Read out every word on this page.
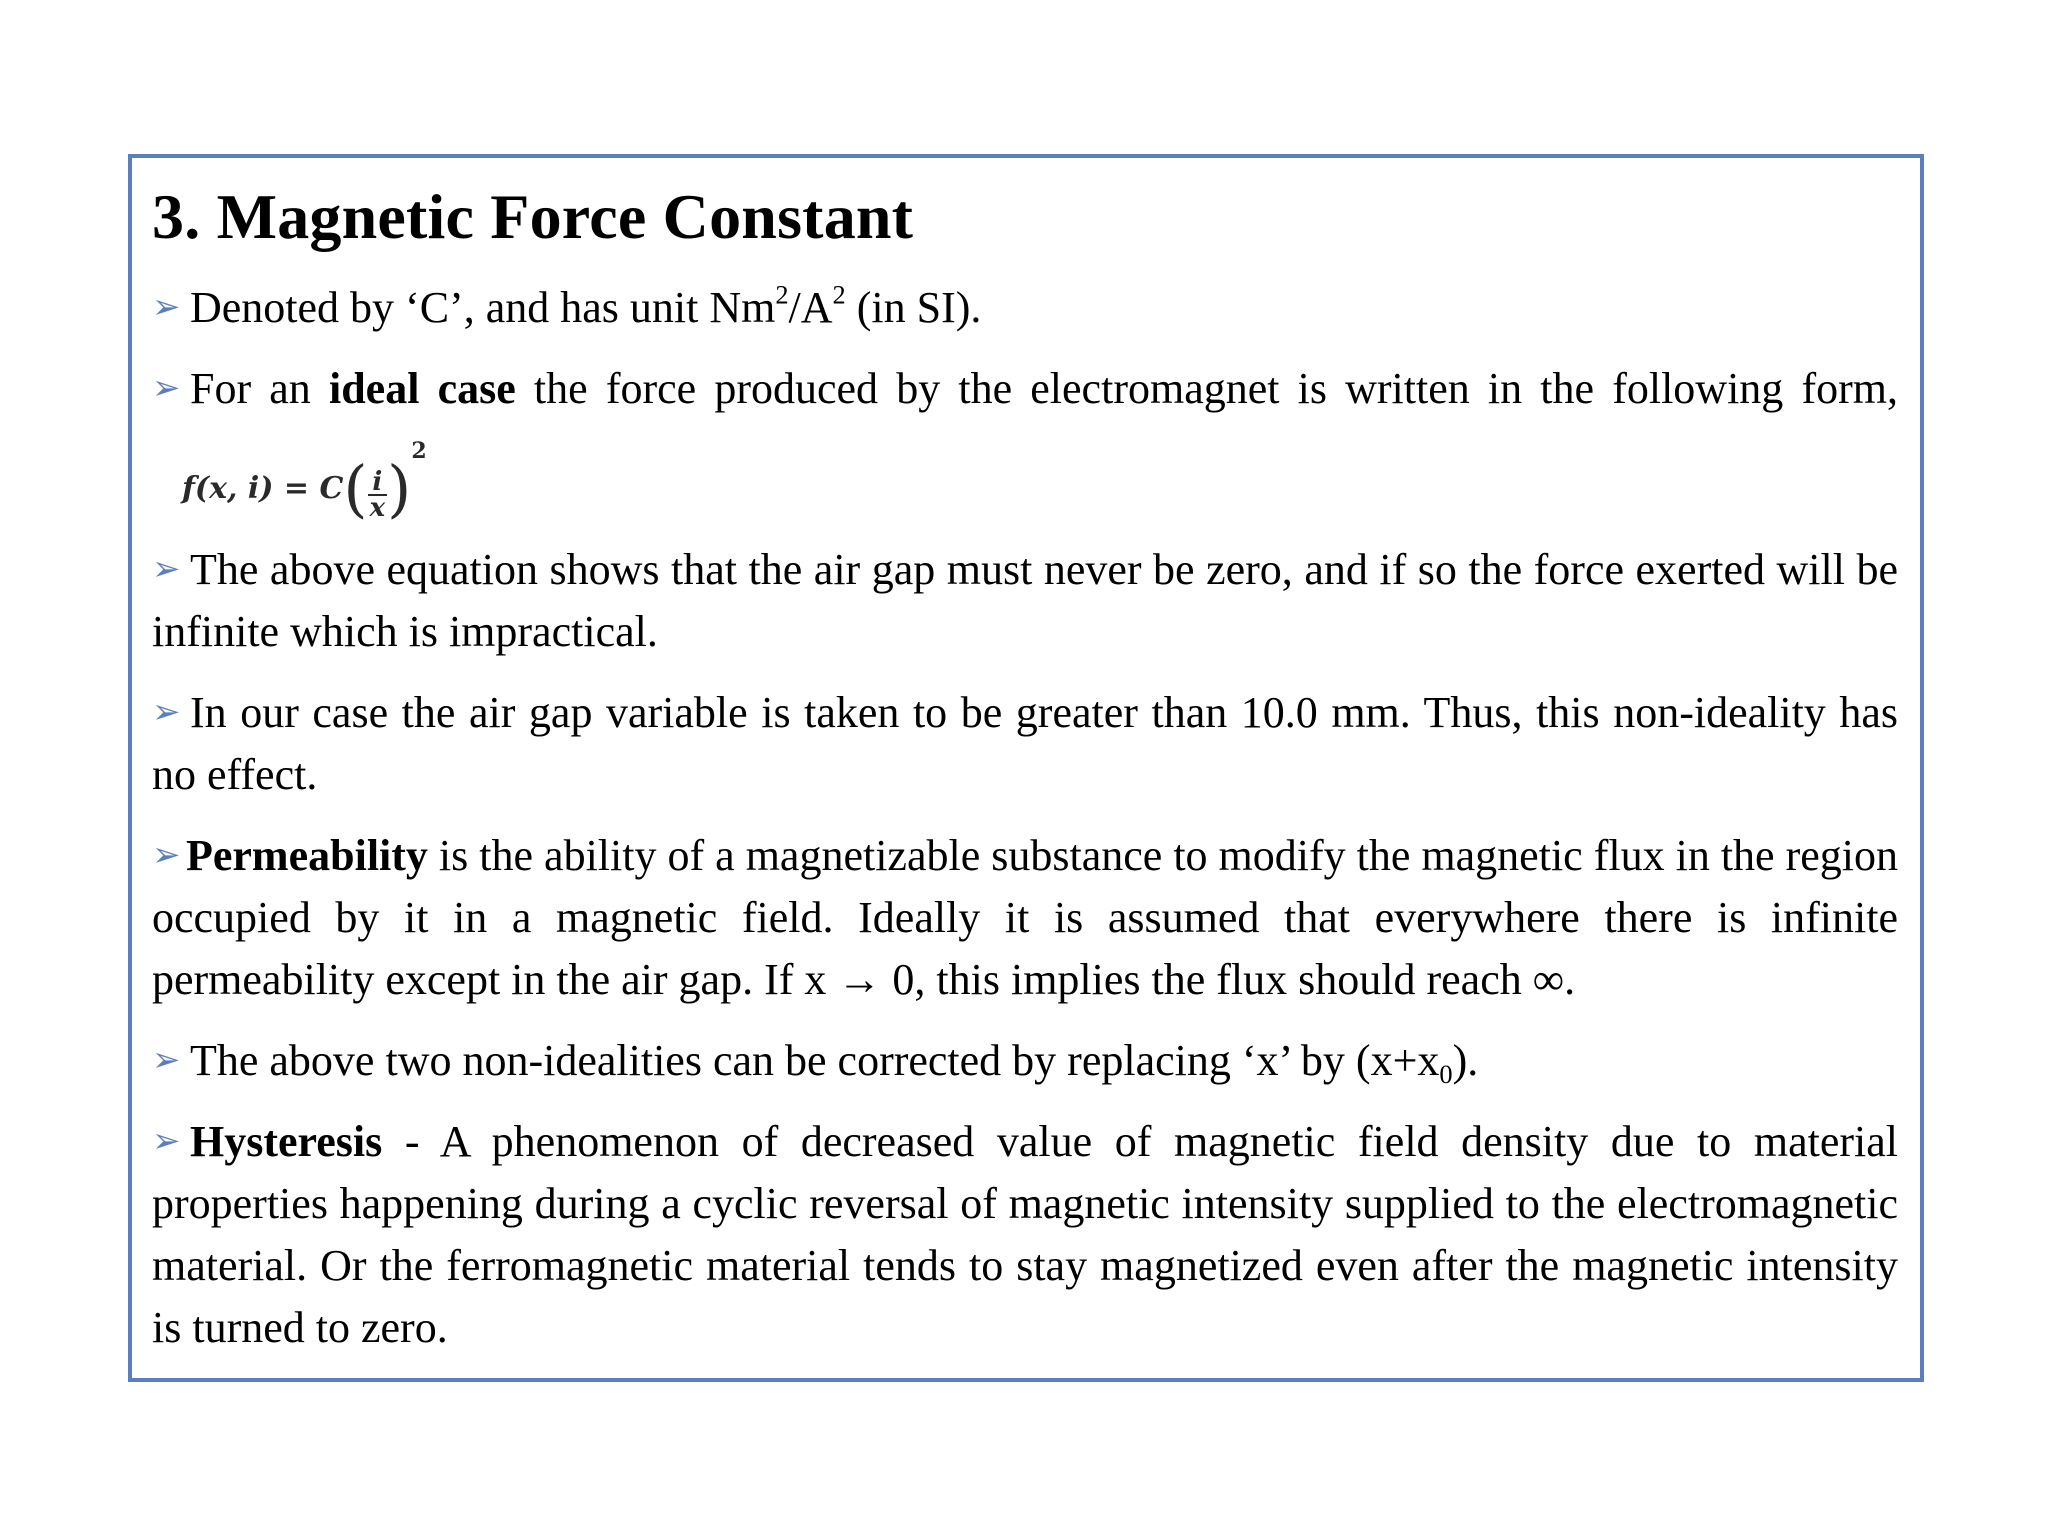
3. Magnetic Force Constant

➢ Denoted by ‘C’, and has unit $Nm^2/A^2$ (in SI).

➢ For an ideal case the force produced by the electromagnet is written in the following form,f(x, $i) = C( \frac{i}{x} )^2$

➢ The above equation shows that the air gap must never be zero, and if so the force exerted will be infinite which is impractical.

➢ In our case the air gap variable is taken to be greater than 10.0 mm. Thus, this non-ideality has no effect.

➢ Permeability is the ability of a magnetizable substance to modify the magnetic flux in the region occupied by it in a magnetic field. Ideally it is assumed that everywhere there is infinite permeability except in the air gap. If x → 0, this implies the flux should reach ∞.

➢ The above two non-idealities can be corrected by replacing ‘x’ by $(x+x_0)$.

➢ Hysteresis - A phenomenon of decreased value of magnetic field density due to material properties happening during a cyclic reversal of magnetic intensity supplied to the electromagnetic material. Or the ferromagnetic material tends to stay magnetized even after the magnetic intensity is turned to zero.
